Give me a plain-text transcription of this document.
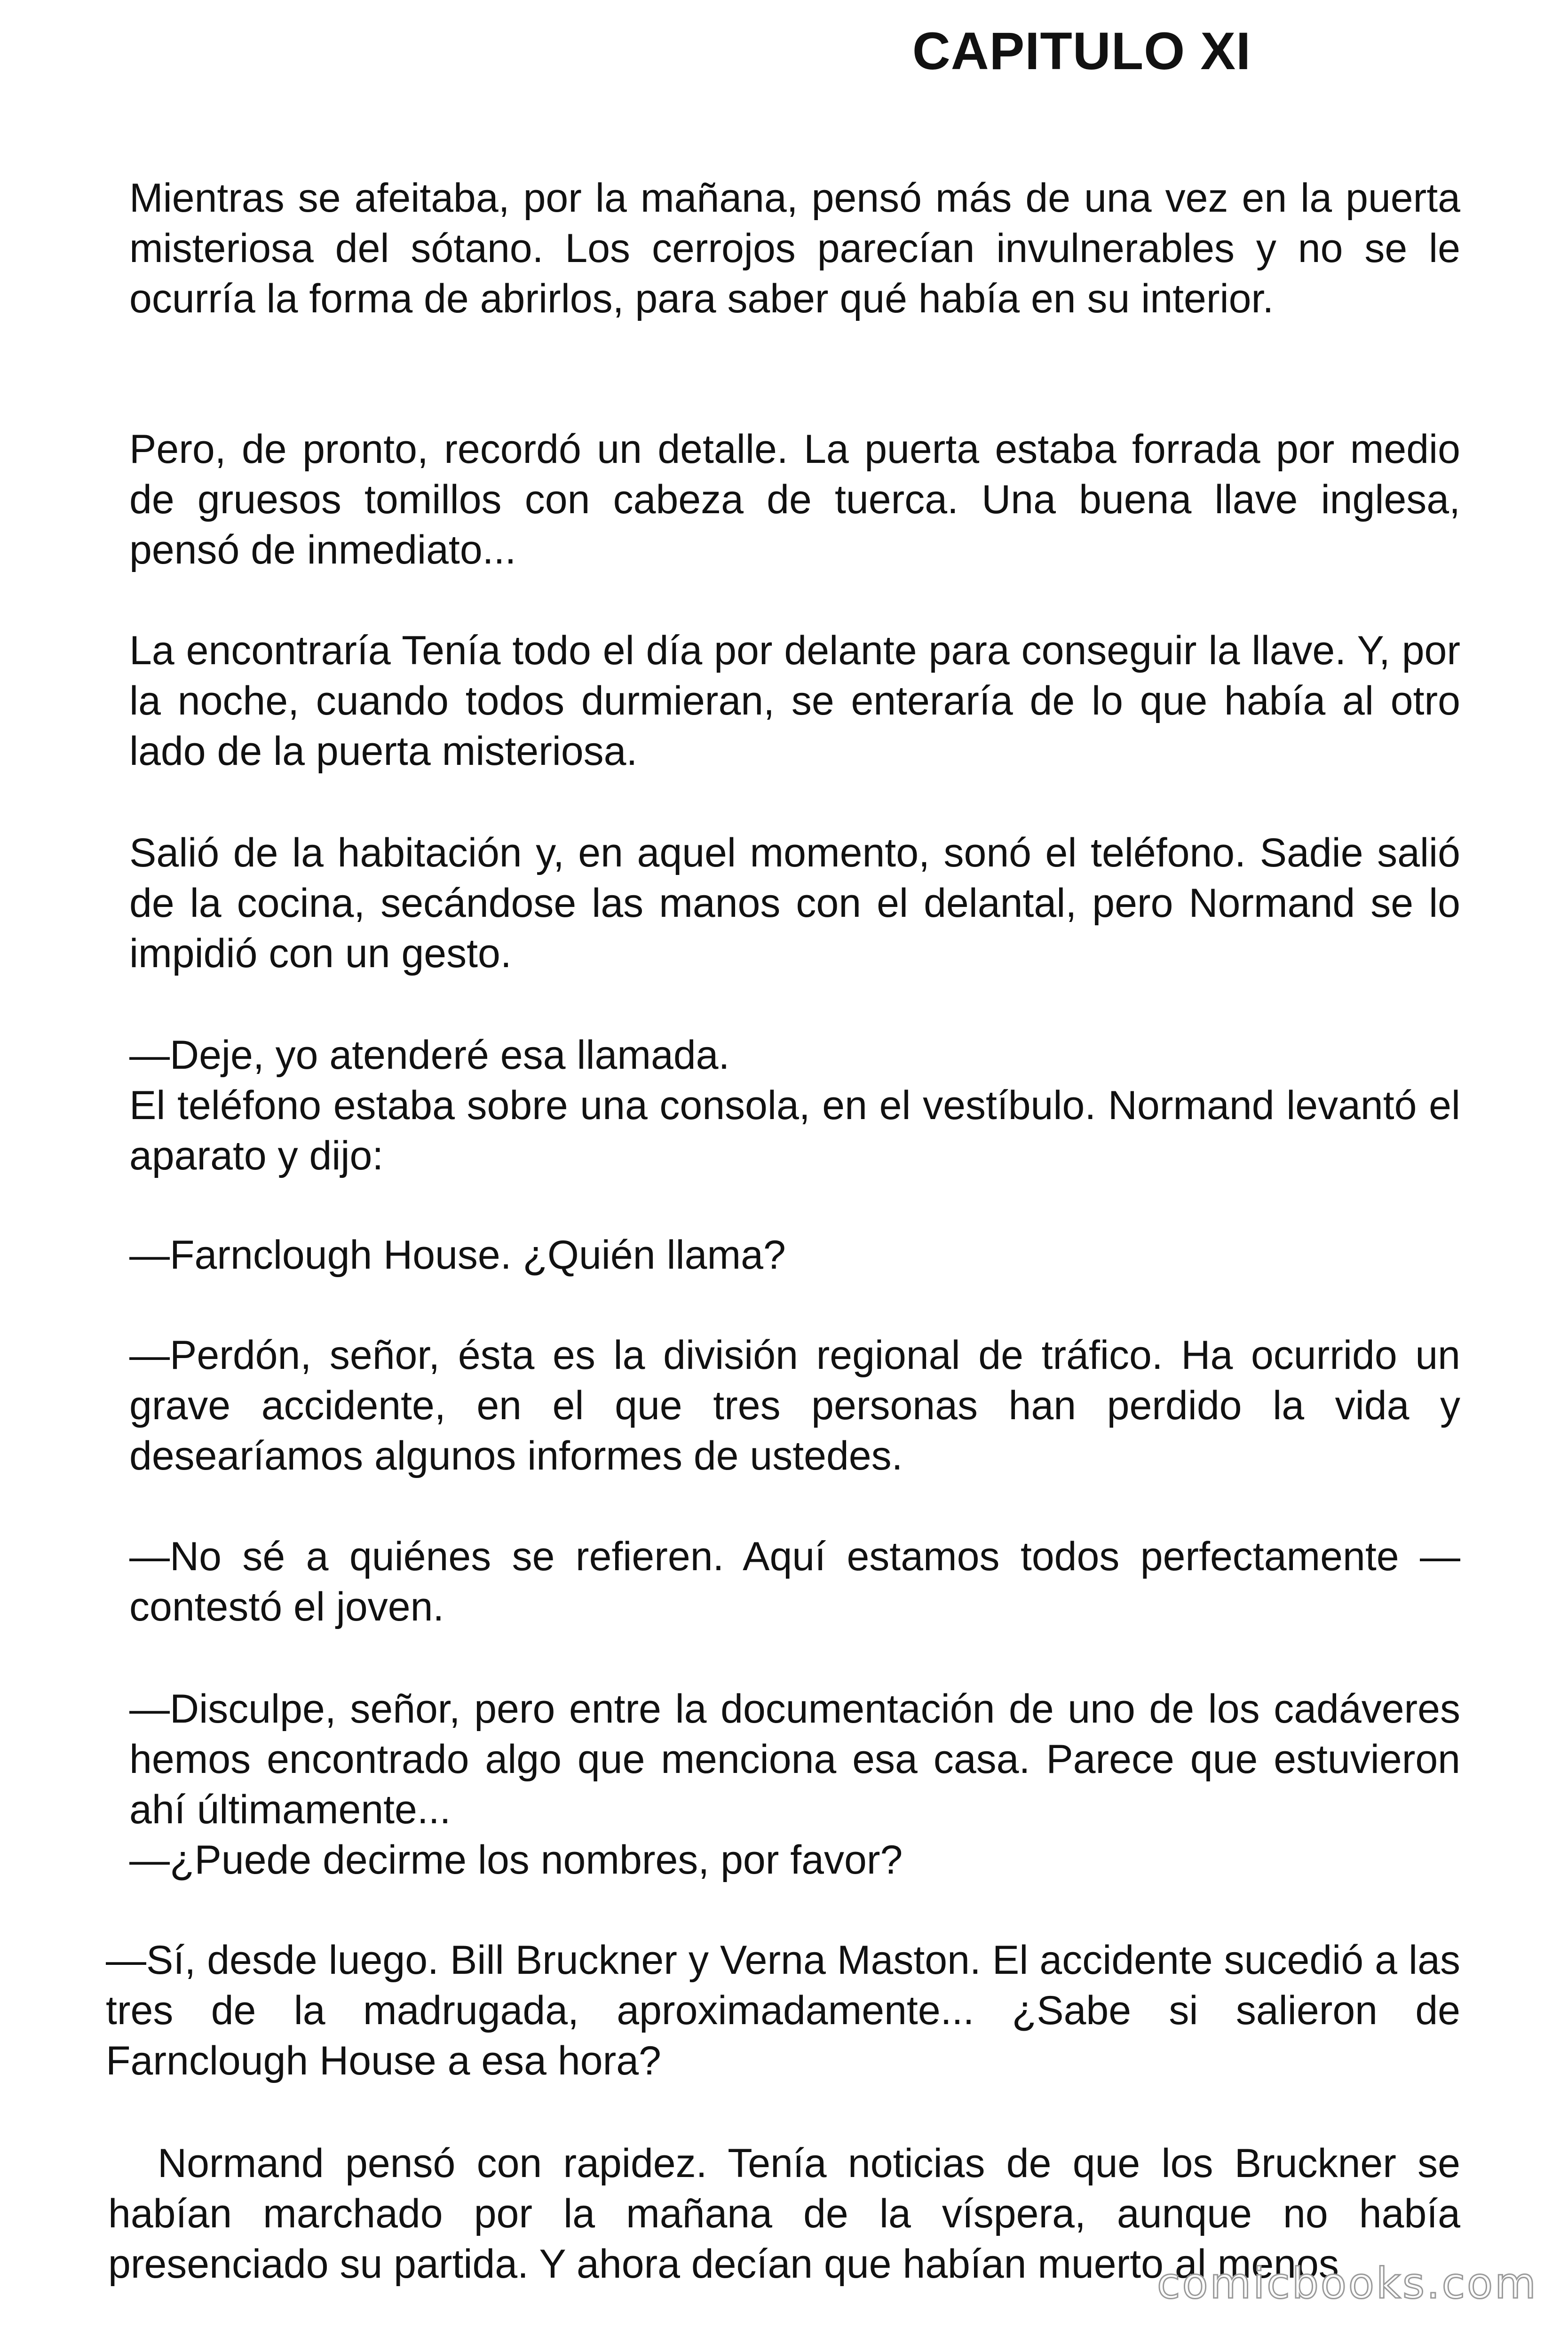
CAPITULO XI

Mientras se afeitaba, por la mañana, pensó más de una vez en la puerta misteriosa del sótano. Los cerrojos parecían invulnerables y no se le ocurría la forma de abrirlos, para saber qué había en su interior.

Pero, de pronto, recordó un detalle. La puerta estaba forrada por medio de gruesos tomillos con cabeza de tuerca. Una buena llave inglesa, pensó de inmediato...

La encontraría Tenía todo el día por delante para conseguir la llave. Y, por la noche, cuando todos durmieran, se enteraría de lo que había al otro lado de la puerta misteriosa.

Salió de la habitación y, en aquel momento, sonó el teléfono. Sadie salió de la cocina, secándose las manos con el delantal, pero Normand se lo impidió con un gesto.

—Deje, yo atenderé esa llamada.

El teléfono estaba sobre una consola, en el vestíbulo. Normand levantó el aparato y dijo:

—Farnclough House. ¿Quién llama?

—Perdón, señor, ésta es la división regional de tráfico. Ha ocurrido un grave accidente, en el que tres personas han perdido la vida y desearíamos algunos informes de ustedes.

—No sé a quiénes se refieren. Aquí estamos todos perfectamente —contestó el joven.

—Disculpe, señor, pero entre la documentación de uno de los cadáveres hemos encontrado algo que menciona esa casa. Parece que estuvieron ahí últimamente...

—¿Puede decirme los nombres, por favor?

—Sí, desde luego. Bill Bruckner y Verna Maston. El accidente sucedió a las tres de la madrugada, aproximadamente... ¿Sabe si salieron de Farnclough House a esa hora?

Normand pensó con rapidez. Tenía noticias de que los Bruckner se habían marchado por la mañana de la víspera, aunque no había presenciado su partida. Y ahora decían que habían muerto al menos

comicbooks.com
